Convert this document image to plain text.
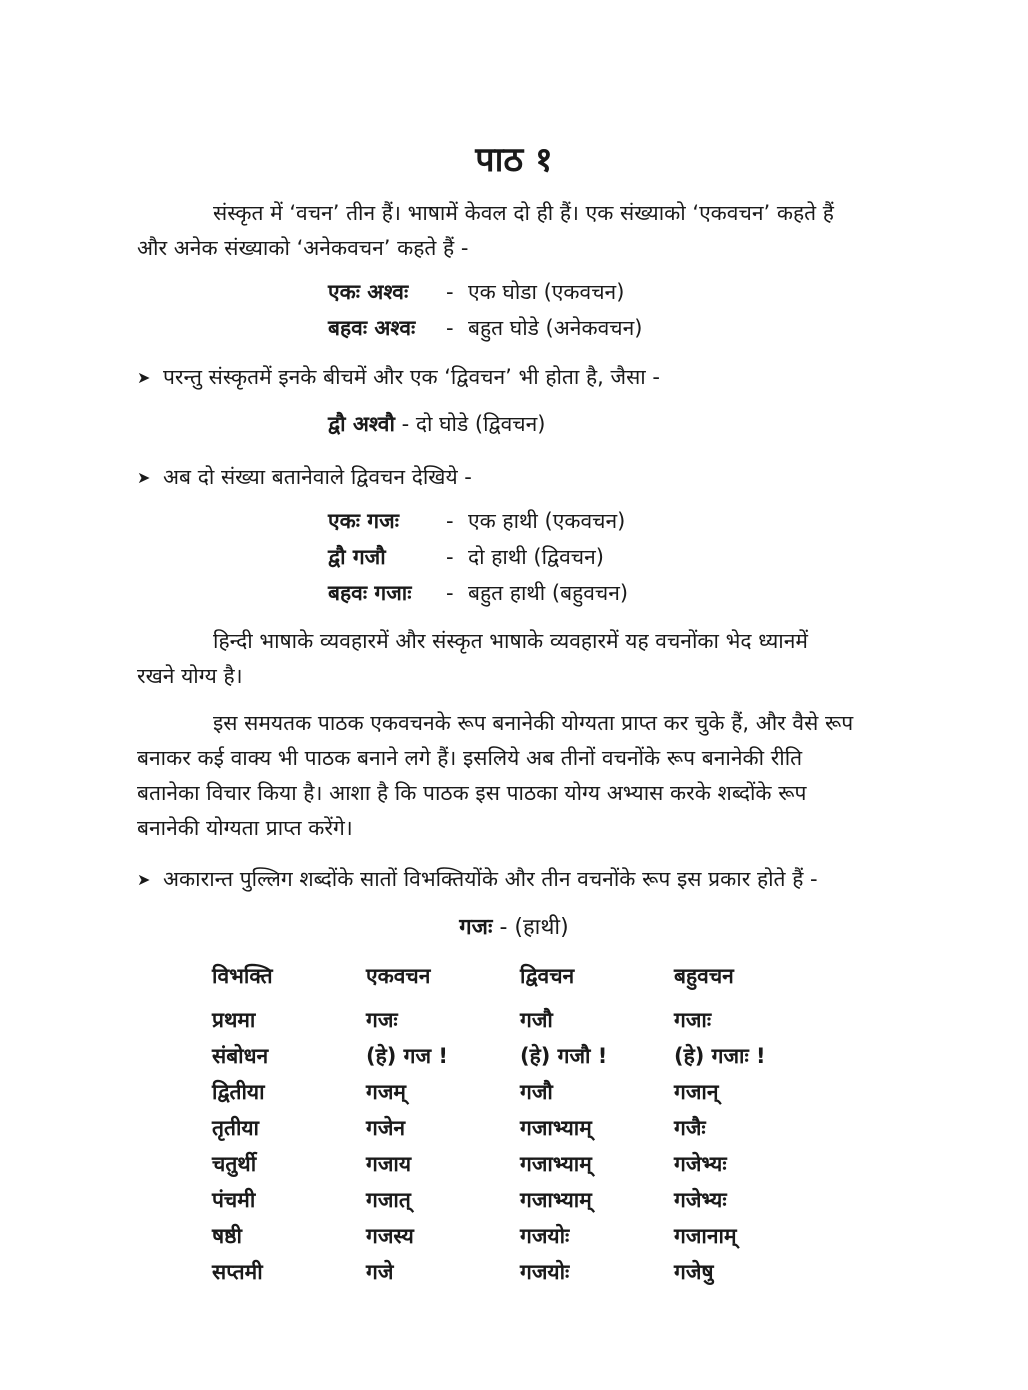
पाठ १
संस्कृत में ‘वचन’ तीन हैं। भाषामें केवल दो ही हैं। एक संख्याको ‘एकवचन’ कहते हैं
और अनेक संख्याको ‘अनेकवचन’ कहते हैं -
एकः अश्वः - एक घोडा (एकवचन)
बहवः अश्वः - बहुत घोडे (अनेकवचन)
➤ परन्तु संस्कृतमें इनके बीचमें और एक ‘द्विवचन’ भी होता है, जैसा -
द्वौ अश्वौ - दो घोडे (द्विवचन)
➤ अब दो संख्या बतानेवाले द्विवचन देखिये -
एकः गजः - एक हाथी (एकवचन)
द्वौ गजौ	- दो हाथी (द्विवचन)
बहवः गजाः - बहुत हाथी (बहुवचन)
हिन्दी भाषाके व्यवहारमें और संस्कृत भाषाके व्यवहारमें यह वचनोंका भेद ध्यानमें
रखने योग्य है।
इस समयतक पाठक एकवचनके रूप बनानेकी योग्यता प्राप्त कर चुके हैं, और वैसे रूप
बनाकर कई वाक्य भी पाठक बनाने लगे हैं। इसलिये अब तीनों वचनोंके रूप बनानेकी रीति
बतानेका विचार किया है। आशा है कि पाठक इस पाठका योग्य अभ्यास करके शब्दोंके रूप
बनानेकी योग्यता प्राप्त करेंगे।
➤ अकारान्त पुल्लिग शब्दोंके सातों विभक्तियोंके और तीन वचनोंके रूप इस प्रकार होते हैं -
गजः - (हाथी)
विभक्ति	एकवचन	द्विवचन	बहुवचन
प्रथमा	गजः	गजौ	गजाः
संबोधन	(हे) गज !	(हे) गजौ !	(हे) गजाः !
द्वितीया	गजम्	गजौ	गजान्
तृतीया	गजेन	गजाभ्याम्	गजैः
चतुर्थी	गजाय	गजाभ्याम्	गजेभ्यः
पंचमी	गजात्	गजाभ्याम्	गजेभ्यः
षष्ठी	गजस्य	गजयोः	गजानाम्
सप्तमी	गजे	गजयोः	गजेषु
